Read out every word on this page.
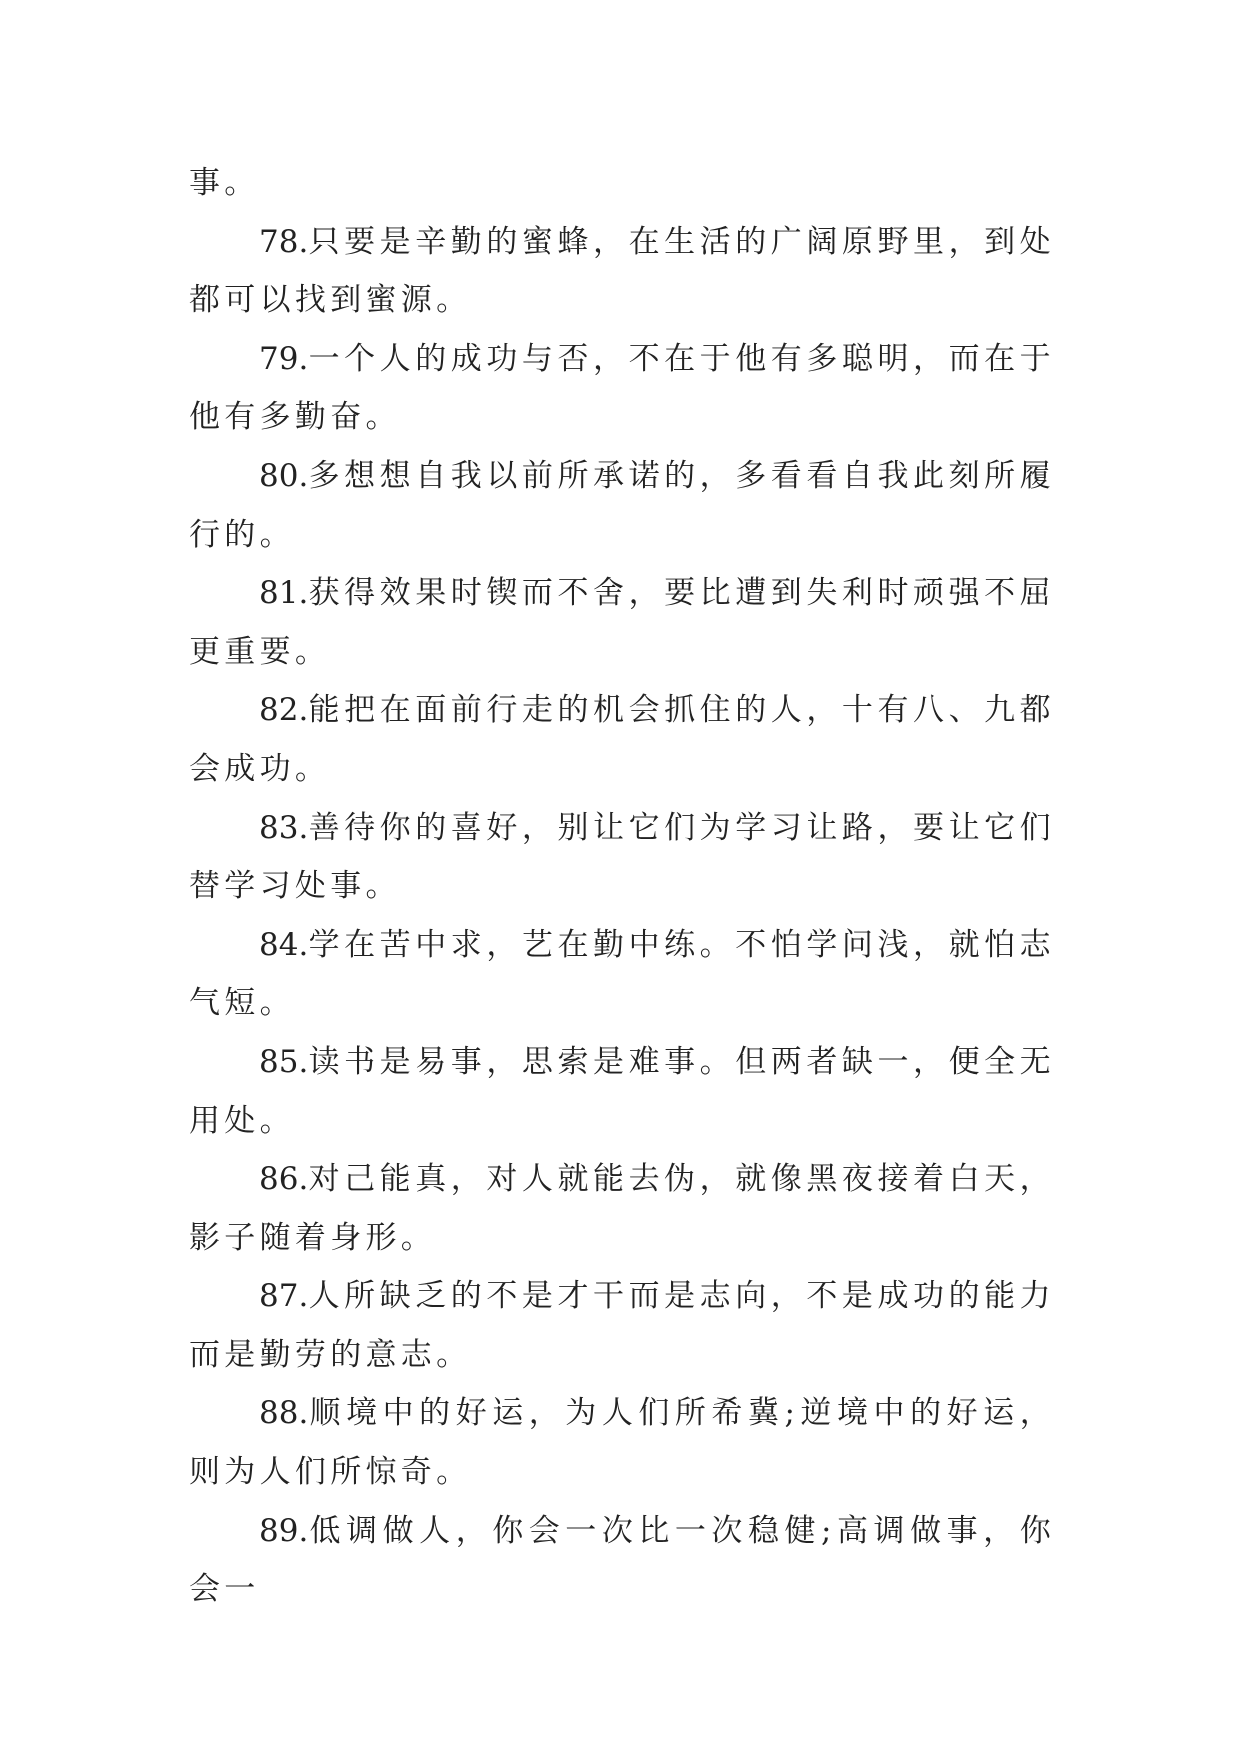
事。

78.只要是辛勤的蜜蜂，在生活的广阔原野里，到处都可以找到蜜源。

79.一个人的成功与否，不在于他有多聪明，而在于他有多勤奋。

80.多想想自我以前所承诺的，多看看自我此刻所履行的。

81.获得效果时锲而不舍，要比遭到失利时顽强不屈更重要。

82.能把在面前行走的机会抓住的人，十有八、九都会成功。

83.善待你的喜好，别让它们为学习让路，要让它们替学习处事。

84.学在苦中求，艺在勤中练。不怕学问浅，就怕志气短。

85.读书是易事，思索是难事。但两者缺一，便全无用处。

86.对己能真，对人就能去伪，就像黑夜接着白天，影子随着身形。

87.人所缺乏的不是才干而是志向，不是成功的能力而是勤劳的意志。

88.顺境中的好运，为人们所希冀;逆境中的好运，则为人们所惊奇。

89.低调做人，你会一次比一次稳健;高调做事，你会一
